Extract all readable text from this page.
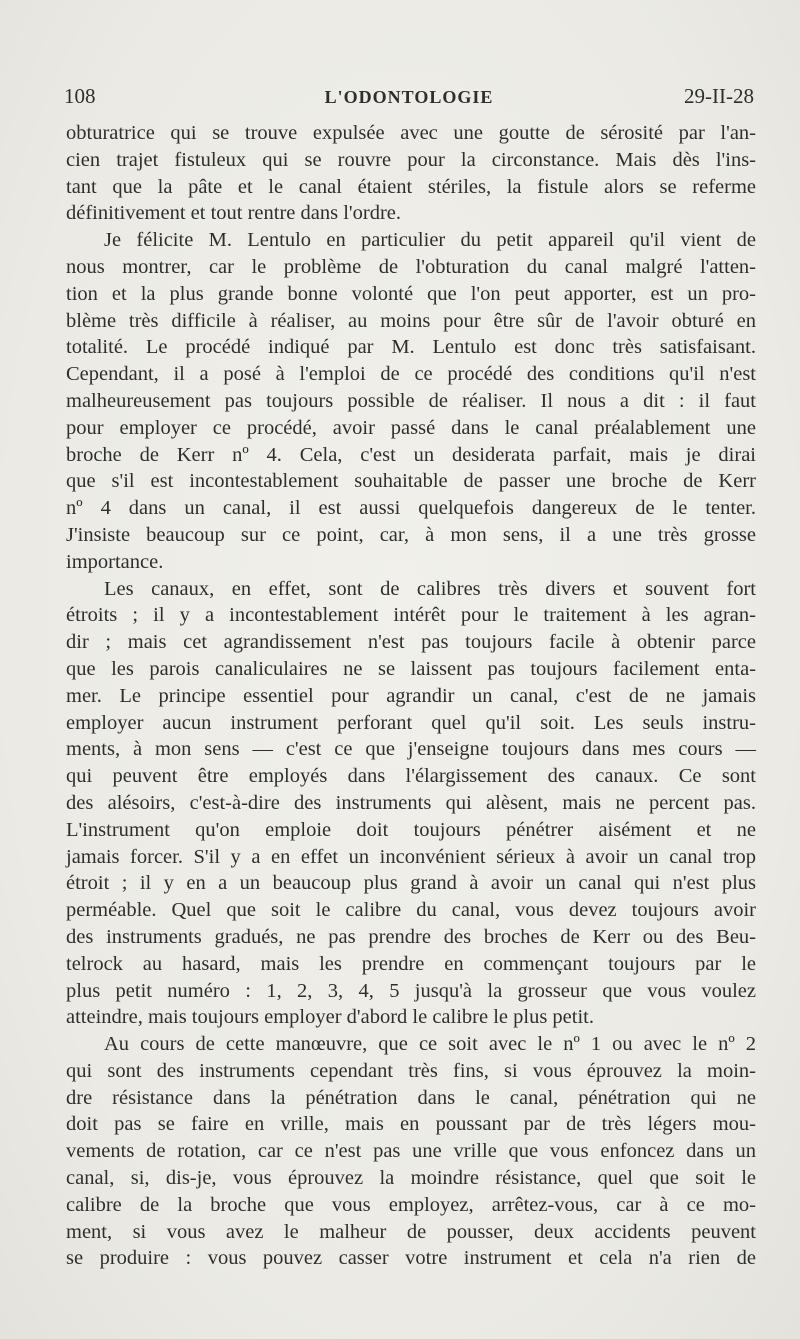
108	L'ODONTOLOGIE	29-II-28
obturatrice qui se trouve expulsée avec une goutte de sérosité par l'an-
cien trajet fistuleux qui se rouvre pour la circonstance. Mais dès l'ins-
tant que la pâte et le canal étaient stériles, la fistule alors se referme
définitivement et tout rentre dans l'ordre.
Je félicite M. Lentulo en particulier du petit appareil qu'il vient de
nous montrer, car le problème de l'obturation du canal malgré l'atten-
tion et la plus grande bonne volonté que l'on peut apporter, est un pro-
blème très difficile à réaliser, au moins pour être sûr de l'avoir obturé en
totalité. Le procédé indiqué par M. Lentulo est donc très satisfaisant.
Cependant, il a posé à l'emploi de ce procédé des conditions qu'il n'est
malheureusement pas toujours possible de réaliser. Il nous a dit : il faut
pour employer ce procédé, avoir passé dans le canal préalablement une
broche de Kerr nº 4. Cela, c'est un desiderata parfait, mais je dirai
que s'il est incontestablement souhaitable de passer une broche de Kerr
nº 4 dans un canal, il est aussi quelquefois dangereux de le tenter.
J'insiste beaucoup sur ce point, car, à mon sens, il a une très grosse
importance.
Les canaux, en effet, sont de calibres très divers et souvent fort
étroits ; il y a incontestablement intérêt pour le traitement à les agran-
dir ; mais cet agrandissement n'est pas toujours facile à obtenir parce
que les parois canaliculaires ne se laissent pas toujours facilement enta-
mer. Le principe essentiel pour agrandir un canal, c'est de ne jamais
employer aucun instrument perforant quel qu'il soit. Les seuls instru-
ments, à mon sens — c'est ce que j'enseigne toujours dans mes cours —
qui peuvent être employés dans l'élargissement des canaux. Ce sont
des alésoirs, c'est-à-dire des instruments qui alèsent, mais ne percent pas.
L'instrument qu'on emploie doit toujours pénétrer aisément et ne
jamais forcer. S'il y a en effet un inconvénient sérieux à avoir un canal trop
étroit ; il y en a un beaucoup plus grand à avoir un canal qui n'est plus
perméable. Quel que soit le calibre du canal, vous devez toujours avoir
des instruments gradués, ne pas prendre des broches de Kerr ou des Beu-
telrock au hasard, mais les prendre en commençant toujours par le
plus petit numéro : 1, 2, 3, 4, 5 jusqu'à la grosseur que vous voulez
atteindre, mais toujours employer d'abord le calibre le plus petit.
Au cours de cette manœuvre, que ce soit avec le nº 1 ou avec le nº 2
qui sont des instruments cependant très fins, si vous éprouvez la moin-
dre résistance dans la pénétration dans le canal, pénétration qui ne
doit pas se faire en vrille, mais en poussant par de très légers mou-
vements de rotation, car ce n'est pas une vrille que vous enfoncez dans un
canal, si, dis-je, vous éprouvez la moindre résistance, quel que soit le
calibre de la broche que vous employez, arrêtez-vous, car à ce mo-
ment, si vous avez le malheur de pousser, deux accidents peuvent
se produire : vous pouvez casser votre instrument et cela n'a rien de
